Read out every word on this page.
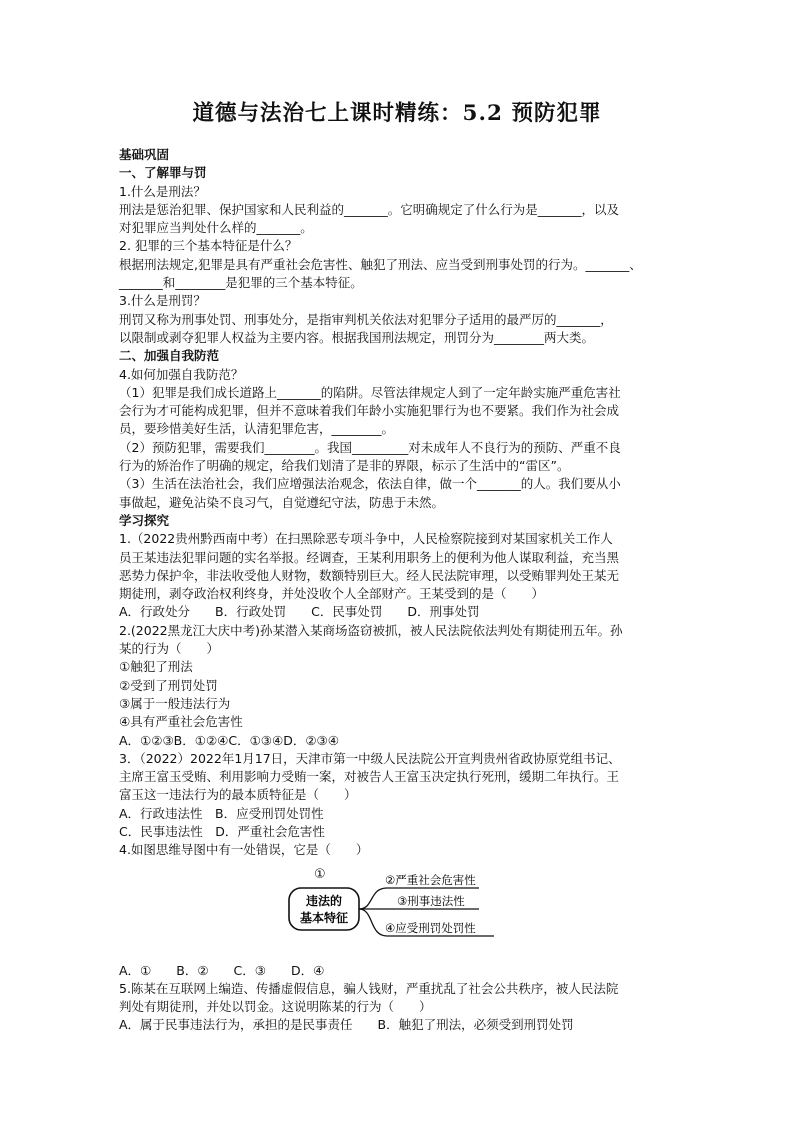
道德与法治七上课时精练：5.2 预防犯罪

基础巩固

一、了解罪与罚

1.什么是刑法？

刑法是惩治犯罪、保护国家和人民利益的_______。它明确规定了什么行为是_______，以及

对犯罪应当判处什么样的_______。

2. 犯罪的三个基本特征是什么？

根据刑法规定,犯罪是具有严重社会危害性、触犯了刑法、应当受到刑事处罚的行为。_______、

_______和________是犯罪的三个基本特征。

3.什么是刑罚？

刑罚又称为刑事处罚、刑事处分，是指审判机关依法对犯罪分子适用的最严厉的_______，

以限制或剥夺犯罪人权益为主要内容。根据我国刑法规定，刑罚分为________两大类。

二、加强自我防范

4.如何加强自我防范？

（1）犯罪是我们成长道路上_______的陷阱。尽管法律规定人到了一定年龄实施严重危害社

会行为才可能构成犯罪，但并不意味着我们年龄小实施犯罪行为也不要紧。我们作为社会成

员，要珍惜美好生活，认清犯罪危害，________。

（2）预防犯罪，需要我们________。我国_________对未成年人不良行为的预防、严重不良

行为的矫治作了明确的规定，给我们划清了是非的界限，标示了生活中的“雷区”。

（3）生活在法治社会，我们应增强法治观念，依法自律，做一个_______的人。我们要从小

事做起，避免沾染不良习气，自觉遵纪守法，防患于未然。

学习探究

1.（2022贵州黔西南中考）在扫黑除恶专项斗争中，人民检察院接到对某国家机关工作人

员王某违法犯罪问题的实名举报。经调查，王某利用职务上的便利为他人谋取利益，充当黑

恶势力保护伞，非法收受他人财物，数额特别巨大。经人民法院审理，以受贿罪判处王某无

期徒刑，剥夺政治权利终身，并处没收个人全部财产。王某受到的是（　　）

A．行政处分　　B．行政处罚　　C．民事处罚　　D．刑事处罚

2.(2022黑龙江大庆中考)孙某潜入某商场盗窃被抓，被人民法院依法判处有期徒刑五年。孙

某的行为（　　）

①触犯了刑法

②受到了刑罚处罚

③属于一般违法行为

④具有严重社会危害性

A．①②③B．①②④C．①③④D．②③④

3．（2022）2022年1月17日，天津市第一中级人民法院公开宣判贵州省政协原党组书记、

主席王富玉受贿、利用影响力受贿一案，对被告人王富玉决定执行死刑，缓期二年执行。王

富玉这一违法行为的最本质特征是（　　）

A．行政违法性　B．应受刑罚处罚性

C．民事违法性　D．严重社会危害性

4.如图思维导图中有一处错误，它是（　　）

①
违法的
基本特征
②严重社会危害性
③刑事违法性
④应受刑罚处罚性

A．①　　B．②　　C．③　　D．④

5.陈某在互联网上编造、传播虚假信息，骗人钱财，严重扰乱了社会公共秩序，被人民法院

判处有期徒刑，并处以罚金。这说明陈某的行为（　　）

A．属于民事违法行为，承担的是民事责任　　B．触犯了刑法，必须受到刑罚处罚
